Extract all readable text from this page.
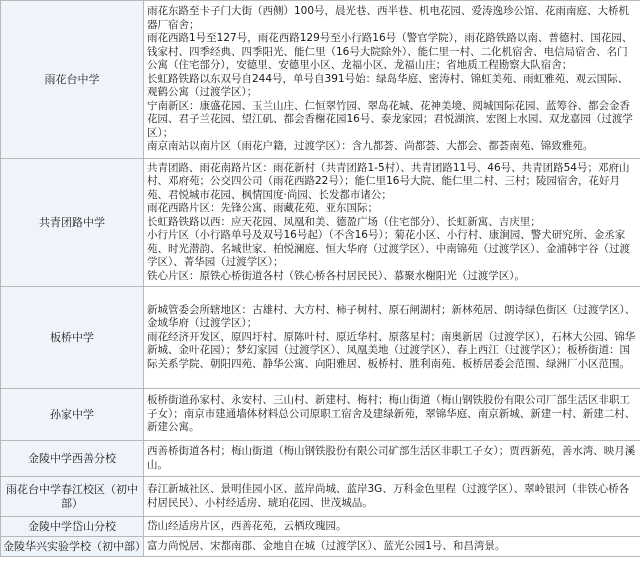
雨花台中学	雨花东路至卡子门大街（西侧）100号，晨光巷、西半巷、机电花园、爱涛逸珍公馆、花雨南庭、大桥机器厂宿舍；
雨花西路1号至127号，雨花西路129号至小行路16号（警官学院），雨花路铁路以南、普德村、国花园、钱家村、四季经典、四季阳光、能仁里（16号大院除外）、能仁里一村、二化机宿舍、电信局宿舍、名门公寓（住宅部分），安德里、安德里小区、龙福小区、龙福山庄；省地质工程勘察大队宿舍；
长虹路铁路以东双号自244号，单号自391号始：绿岛华庭、密涛村、锦虹美苑、雨虹雅苑、观云国际、观鹤公寓（过渡学区）；
宁南新区：康盛花园、玉兰山庄、仁恒翠竹园、翠岛花城、花神美境、阅城国际花园、蓝筹谷、都会金香花园、君子兰花园、望江矶、都会香榭花园16号、泰龙家园；君悦湖滨、宏图上水园、双龙嘉园（过渡学区）；
南京南站以南片区（雨花户籍，过渡学区）：含九都荟、尚都荟、大都会、都荟南苑、锦致雅苑。

共青团路中学	共青团路、雨花南路片区：雨花新村（共青团路1-5村）、共青团路11号、46号、共青团路54号；邓府山村、邓府苑；公交四公司（雨花西路22号）；能仁里16号大院、能仁里二村、三村；陵园宿舍，花好月苑、君悦城市花园、枫情国度·尚园、长发都市诸公；
雨花西路片区：先锋公寓、雨藏花苑、亚东国际；
长虹路铁路以西：应天花园、凤凰和美、德盈广场（住宅部分）、长虹新寓、吉庆里；
小行片区（小行路单号及双号16号起）（不含16号）；菊花小区、小行村、康涧园、警犬研究所、金丞家苑、时光潜韵、名城世家、柏悦澜庭、恒大华府（过渡学区）、中南锦苑（过渡学区）、金浦韩宇谷（过渡学区）、菁华园（过渡学区）；
铁心片区：原铁心桥街道各村（铁心桥各村居民民）、慕聚水榭阳光（过渡学区）。

板桥中学	新城管委会所辖地区：古雄村、大方村、柿子树村、原石闸湖村；新林苑居、朗诗绿色街区（过渡学区）、金域华府（过渡学区）；
雨花经济开发区，原四圩村、原陈叶村、原近华村、原落星村；南奥新居（过渡学区），石林大公园、锦华新城、金叶花园）；梦幻家园（过渡学区）、凤凰美地（过渡学区）、春上西江（过渡学区）；板桥街道：国际关系学院、朝阳四苑、静华公寓、向阳雅居、板桥村、胜利南苑、板桥居委会范围、绿洲厂小区范围。

孙家中学	板桥街道孙家村、永安村、三山村、新建村、梅村；梅山街道（梅山钢铁股份有限公司厂部生活区非职工子女）；南京市建通墙体材料总公司原职工宿舍及建绿新苑，翠锦华庭、南京新城、新建一村、新建二村、新建公寓。

金陵中学西善分校	西善桥街道各村；梅山街道（梅山钢铁股份有限公司矿部生活区非职工子女）；贾西新苑，善水湾、映月溪山。

雨花台中学春江校区（初中部）	春江新城社区、景明佳园小区、蓝岸尚城、蓝岸3G、万科金色里程（过渡学区）、翠岭银河（非铁心桥各村居民民）、小村经适房、琥珀花园、世茂城品。

金陵中学岱山分校	岱山经适房片区，西善花苑，云栖玫瑰园。

金陵华兴实验学校（初中部）	富力尚悦居、宋都南郡、金地自在城（过渡学区）、蓝光公园1号、和昌湾景。
